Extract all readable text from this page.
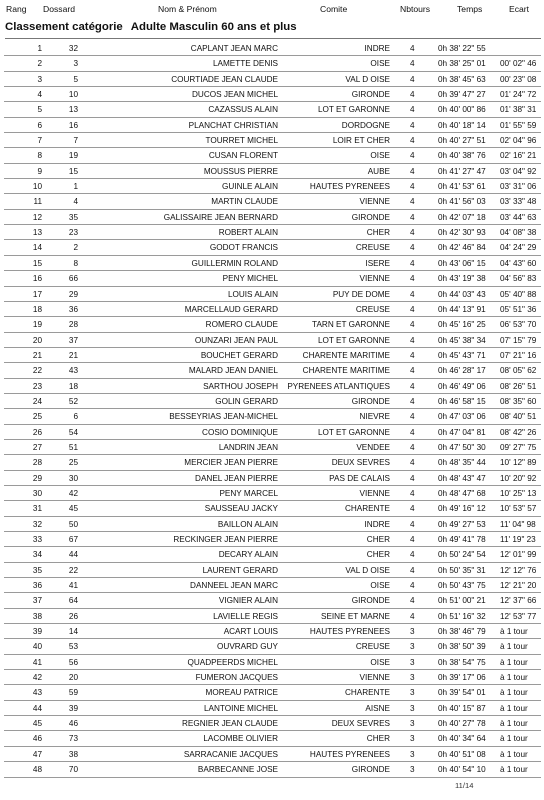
Rang Dossard	Nom & Prénom	Comite	Nbtours	Temps	Ecart
Classement catégorie Adulte Masculin 60 ans et plus
1	32	CAPLANT JEAN MARC	INDRE 4	0h 38' 22" 55
2	3	LAMETTE DENIS	OISE 4	0h 38' 25" 01	00' 02" 46
3	5	COURTIADE JEAN CLAUDE	VAL D OISE 4	0h 38' 45" 63	00' 23" 08
4	10	DUCOS JEAN MICHEL	GIRONDE 4	0h 39' 47" 27	01' 24" 72
5	13	CAZASSUS ALAIN	LOT ET GARONNE 4	0h 40' 00" 86	01' 38" 31
6	16	PLANCHAT CHRISTIAN	DORDOGNE 4	0h 40' 18" 14	01' 55" 59
7	7	TOURRET MICHEL	LOIR ET CHER 4	0h 40' 27" 51	02' 04" 96
8	19	CUSAN FLORENT	OISE 4	0h 40' 38" 76	02' 16" 21
9	15	MOUSSUS PIERRE	AUBE 4	0h 41' 27" 47	03' 04" 92
10	1	GUINLE ALAIN	HAUTES PYRENEES 4	0h 41' 53" 61	03' 31" 06
11	4	MARTIN CLAUDE	VIENNE 4	0h 41' 56" 03	03' 33" 48
12	35	GALISSAIRE JEAN BERNARD	GIRONDE 4	0h 42' 07" 18	03' 44" 63
13	23	ROBERT ALAIN	CHER 4	0h 42' 30" 93	04' 08" 38
14	2	GODOT FRANCIS	CREUSE 4	0h 42' 46" 84	04' 24" 29
15	8	GUILLERMIN ROLAND	ISERE 4	0h 43' 06" 15	04' 43" 60
16	66	PENY MICHEL	VIENNE 4	0h 43' 19" 38	04' 56" 83
17	29	LOUIS ALAIN	PUY DE DOME 4	0h 44' 03" 43	05' 40" 88
18	36	MARCELLAUD GERARD	CREUSE 4	0h 44' 13" 91	05' 51" 36
19	28	ROMERO CLAUDE	TARN ET GARONNE 4	0h 45' 16" 25	06' 53" 70
20	37	OUNZARI JEAN PAUL	LOT ET GARONNE 4	0h 45' 38" 34	07' 15" 79
21	21	BOUCHET GERARD	CHARENTE MARITIME 4	0h 45' 43" 71	07' 21" 16
22	43	MALARD JEAN DANIEL	CHARENTE MARITIME 4	0h 46' 28" 17	08' 05" 62
23	18	SARTHOU JOSEPH	PYRENEES ATLANTIQUES 4	0h 46' 49" 06	08' 26" 51
24	52	GOLIN GERARD	GIRONDE 4	0h 46' 58" 15	08' 35" 60
25	6	BESSEYRIAS JEAN-MICHEL	NIEVRE 4	0h 47' 03" 06	08' 40" 51
26	54	COSIO DOMINIQUE	LOT ET GARONNE 4	0h 47' 04" 81	08' 42" 26
27	51	LANDRIN JEAN	VENDEE 4	0h 47' 50" 30	09' 27" 75
28	25	MERCIER JEAN PIERRE	DEUX SEVRES 4	0h 48' 35" 44	10' 12" 89
29	30	DANEL JEAN PIERRE	PAS DE CALAIS 4	0h 48' 43" 47	10' 20" 92
30	42	PENY MARCEL	VIENNE 4	0h 48' 47" 68	10' 25" 13
31	45	SAUSSEAU JACKY	CHARENTE 4	0h 49' 16" 12	10' 53" 57
32	50	BAILLON ALAIN	INDRE 4	0h 49' 27" 53	11' 04" 98
33	67	RECKINGER JEAN PIERRE	CHER 4	0h 49' 41" 78	11' 19" 23
34	44	DECARY ALAIN	CHER 4	0h 50' 24" 54	12' 01" 99
35	22	LAURENT GERARD	VAL D OISE 4	0h 50' 35" 31	12' 12" 76
36	41	DANNEEL JEAN MARC	OISE 4	0h 50' 43" 75	12' 21" 20
37	64	VIGNIER ALAIN	GIRONDE 4	0h 51' 00" 21	12' 37" 66
38	26	LAVIELLE REGIS	SEINE ET MARNE 4	0h 51' 16" 32	12' 53" 77
39	14	ACART LOUIS	HAUTES PYRENEES 3	0h 38' 46" 79	à 1 tour
40	53	OUVRARD GUY	CREUSE 3	0h 38' 50" 39	à 1 tour
41	56	QUADPEERDS MICHEL	OISE 3	0h 38' 54" 75	à 1 tour
42	20	FUMERON JACQUES	VIENNE 3	0h 39' 17" 06	à 1 tour
43	59	MOREAU PATRICE	CHARENTE 3	0h 39' 54" 01	à 1 tour
44	39	LANTOINE MICHEL	AISNE 3	0h 40' 15" 87	à 1 tour
45	46	REGNIER JEAN CLAUDE	DEUX SEVRES 3	0h 40' 27" 78	à 1 tour
46	73	LACOMBE OLIVIER	CHER 3	0h 40' 34" 64	à 1 tour
47	38	SARRACANIE JACQUES	HAUTES PYRENEES 3	0h 40' 51" 08	à 1 tour
48	70	BARBECANNE JOSE	GIRONDE 3	0h 40' 54" 10	à 1 tour
11/14
